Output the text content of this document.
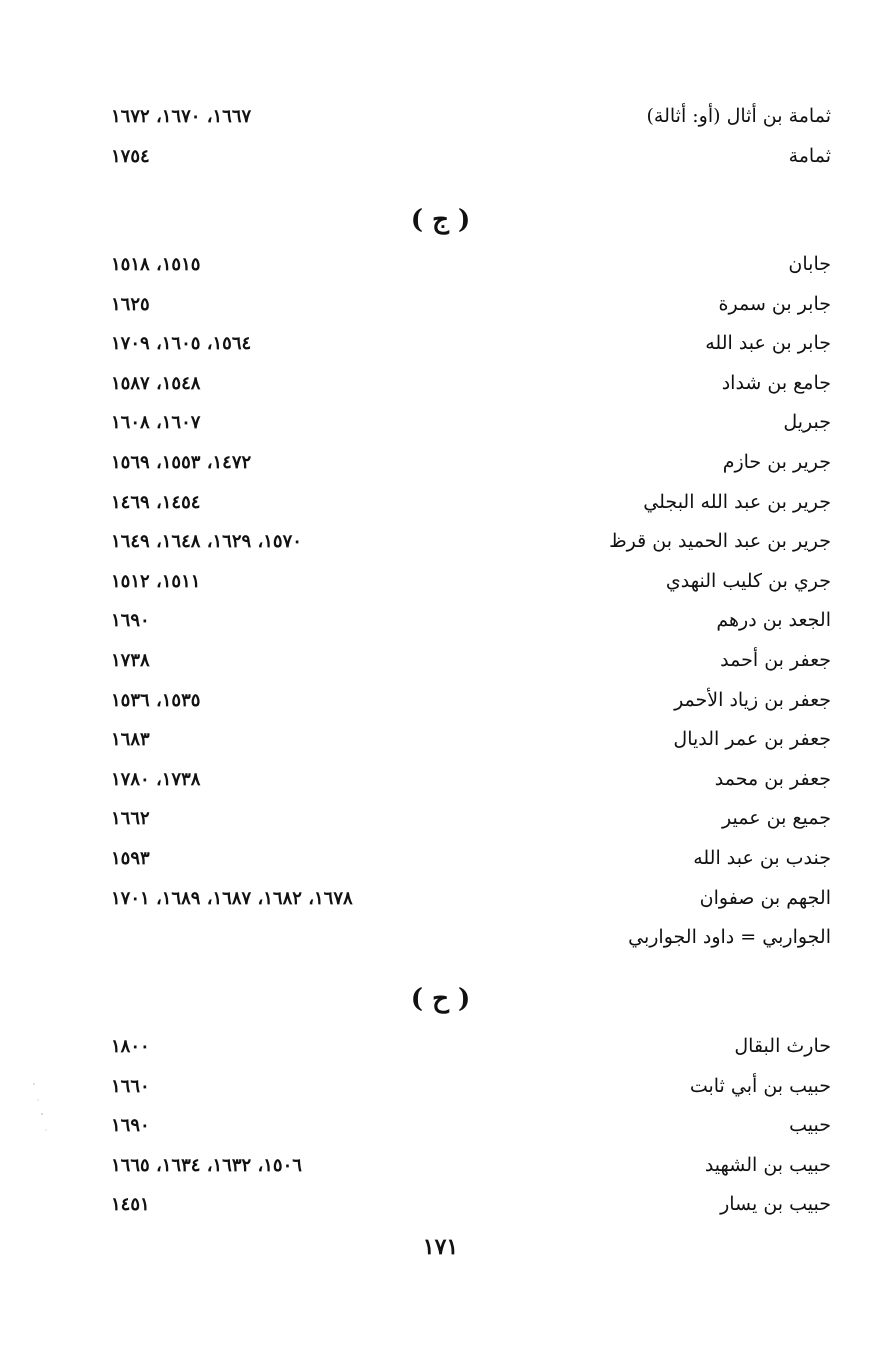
ثمامة بن أثال (أو: أثالة)
١٦٦٧، ١٦٧٠، ١٦٧٢
ثمامة
١٧٥٤
( ج )
جابان
١٥١٥، ١٥١٨
جابر بن سمرة
١٦٢٥
جابر بن عبد الله
١٥٦٤، ١٦٠٥، ١٧٠٩
جامع بن شداد
١٥٤٨، ١٥٨٧
جبريل
١٦٠٧، ١٦٠٨
جرير بن حازم
١٤٧٢، ١٥٥٣، ١٥٦٩
جرير بن عبد الله البجلي
١٤٥٤، ١٤٦٩
جرير بن عبد الحميد بن قرظ
١٥٧٠، ١٦٢٩، ١٦٤٨، ١٦٤٩
جري بن كليب النهدي
١٥١١، ١٥١٢
الجعد بن درهم
١٦٩٠
جعفر بن أحمد
١٧٣٨
جعفر بن زياد الأحمر
١٥٣٥، ١٥٣٦
جعفر بن عمر الديال
١٦٨٣
جعفر بن محمد
١٧٣٨، ١٧٨٠
جميع بن عمير
١٦٦٢
جندب بن عبد الله
١٥٩٣
الجهم بن صفوان
١٦٧٨، ١٦٨٢، ١٦٨٧، ١٦٨٩، ١٧٠١
الجواربي = داود الجواربي
( ح )
حارث البقال
١٨٠٠
حبيب بن أبي ثابت
١٦٦٠
حبيب
١٦٩٠
حبيب بن الشهيد
١٥٠٦، ١٦٣٢، ١٦٣٤، ١٦٦٥
حبيب بن يسار
١٤٥١
١٧١
